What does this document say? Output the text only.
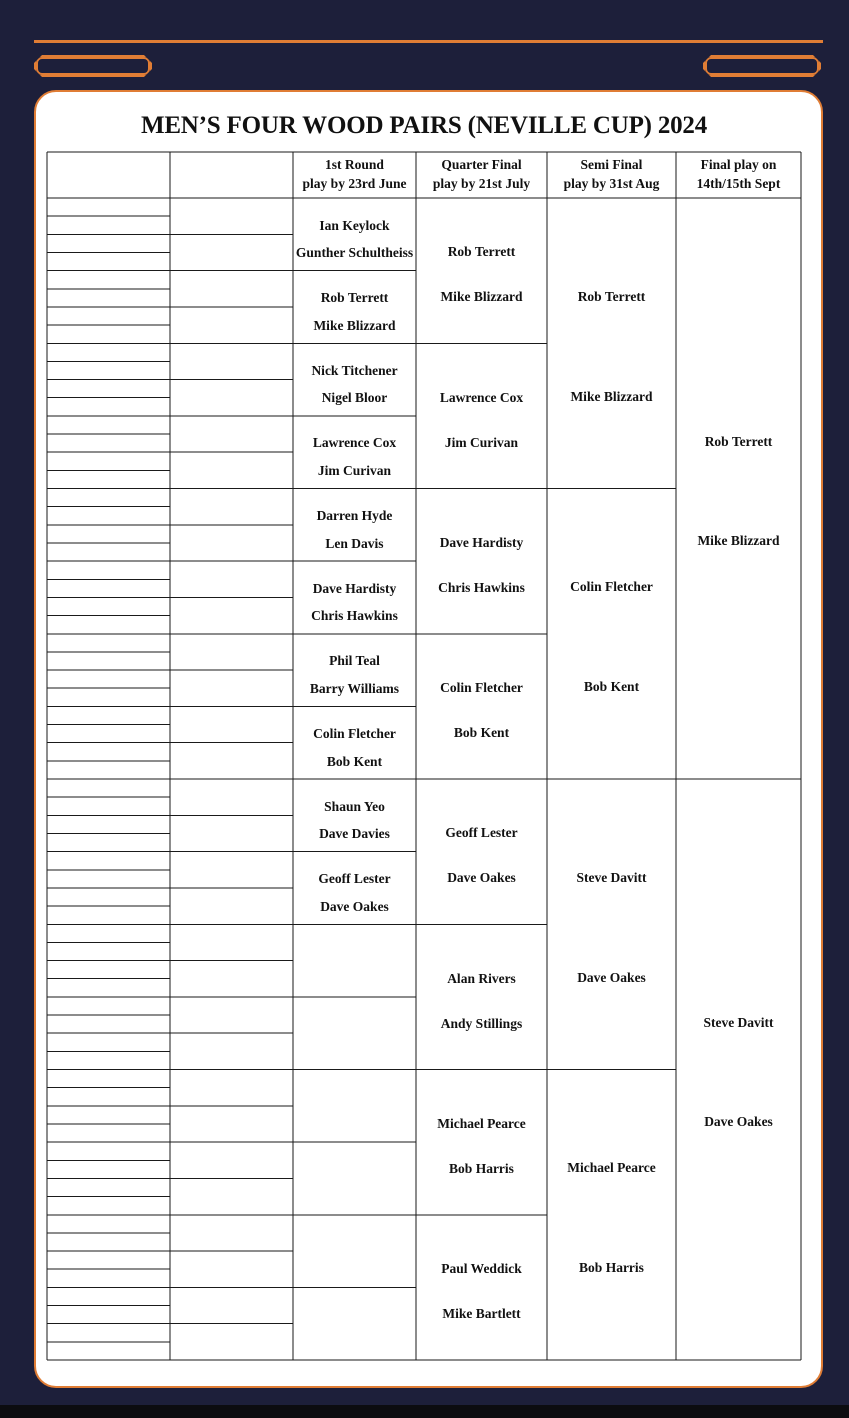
MEN’S FOUR WOOD PAIRS (NEVILLE CUP) 2024
1st Round
play by 23rd June
Quarter Final
play by 21st July
Semi Final
play by 31st Aug
Final play on
14th/15th Sept
Ian Keylock
Gunther Schultheiss
Rob Terrett
Mike Blizzard
Nick Titchener
Nigel Bloor
Lawrence Cox
Jim Curivan
Darren Hyde
Len Davis
Dave Hardisty
Chris Hawkins
Phil Teal
Barry Williams
Colin Fletcher
Bob Kent
Shaun Yeo
Dave Davies
Geoff Lester
Dave Oakes
Rob Terrett
Mike Blizzard
Lawrence Cox
Jim Curivan
Dave Hardisty
Chris Hawkins
Colin Fletcher
Bob Kent
Geoff Lester
Dave Oakes
Alan Rivers
Andy Stillings
Michael Pearce
Bob Harris
Paul Weddick
Mike Bartlett
Rob Terrett
Mike Blizzard
Colin Fletcher
Bob Kent
Steve Davitt
Dave Oakes
Michael Pearce
Bob Harris
Rob Terrett
Mike Blizzard
Steve Davitt
Dave Oakes
